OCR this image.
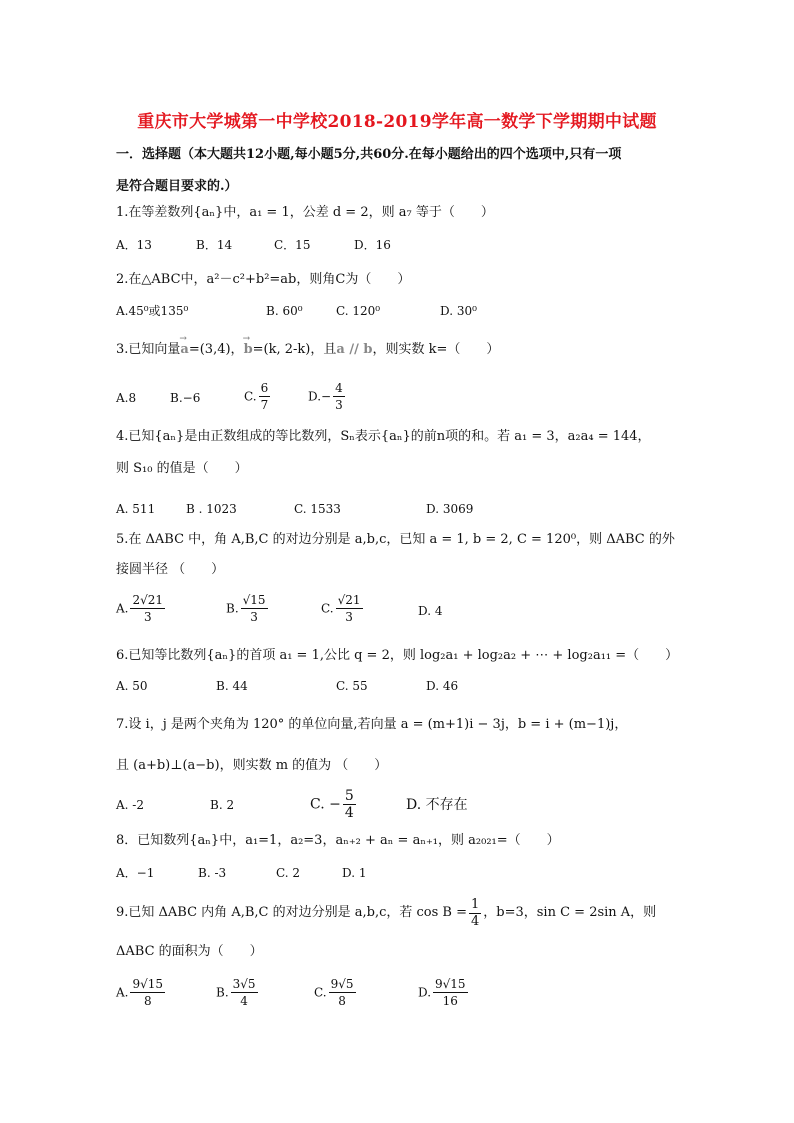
重庆市大学城第一中学校2018-2019学年高一数学下学期期中试题
一．选择题（本大题共12小题,每小题5分,共60分.在每小题给出的四个选项中,只有一项
是符合题目要求的.）
1.在等差数列{aₙ}中，a₁ = 1，公差 d = 2，则 a₇ 等于（　　）
A．13	B．14	C．15	D．16
2.在△ABC中，a²－c²+b²=ab，则角C为（　　）
A.45⁰或135⁰	B. 60⁰	C. 120⁰	D. 30⁰
3.已知向量→ a=(3,4)，→ b=(k, 2-k)，且a // b，则实数 k=（　　）
A.8	B.−6	C. $\frac{6}{7}$	$D.- \frac{4}{3}$
4.已知{aₙ}是由正数组成的等比数列，Sₙ表示{aₙ}的前n项的和。若 a₁ = 3，a₂a₄ = 144，
则 S₁₀ 的值是（　　）
A. 511	B . 1023	C. 1533	D. 3069
5.在 ΔABC 中，角 A,B,C 的对边分别是 a,b,c，已知 a = 1, b = 2, C = 120⁰，则 ΔABC 的外
接圆半径 （　　）
A. $\frac{2√21}{3}$	B. $\frac{√15}{3}$	C. $\frac{√21}{3}$	D. 4
6.已知等比数列{aₙ}的首项 a₁ = 1,公比 q = 2，则 log₂a₁ + log₂a₂ + ⋯ + log₂a₁₁ =（　　）
A. 50	B. 44	C. 55	D. 46
7.设 i，j 是两个夹角为 120° 的单位向量,若向量 a = (m+1)i − 3j，b = i + (m−1)j，
且 (a+b)⊥(a−b)，则实数 m 的值为 （　　）
A. -2	B. 2	C. − $\frac{5}{4}$	D. 不存在
8．已知数列{aₙ}中，a₁=1，a₂=3，aₙ₊₂ + aₙ = aₙ₊₁，则 a₂₀₂₁=（　　）
A．−1	B. -3	C. 2	D. 1
9.已知 ΔABC 内角 A,B,C 的对边分别是 a,b,c，若 $\cos B = \frac{1}{4}$ ，b=3，sin C = 2sin A，则
ΔABC 的面积为（　　）
A. $\frac{9√15}{8}$	B. $\frac{3√5}{4}$	C. $\frac{9√5}{8}$	D. $\frac{9√15}{16}$
